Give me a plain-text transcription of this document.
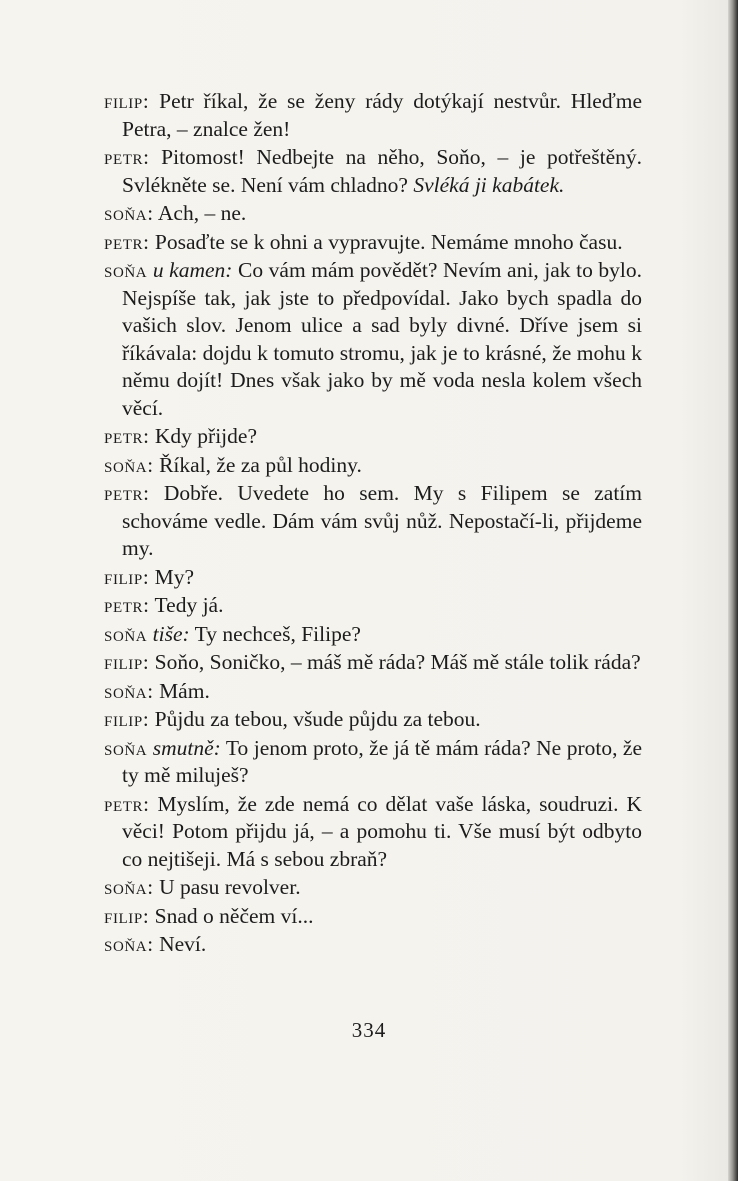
filip: Petr říkal, že se ženy rády dotýkají nestvůr. Hleďme Petra, – znalce žen!

petr: Pitomost! Nedbejte na něho, Soňo, – je potřeštěný. Svlékněte se. Není vám chladno? Svléká ji kabátek.

soňa: Ach, – ne.

petr: Posaďte se k ohni a vypravujte. Nemáme mnoho času.

soňa u kamen: Co vám mám povědět? Nevím ani, jak to bylo. Nejspíše tak, jak jste to předpovídal. Jako bych spadla do vašich slov. Jenom ulice a sad byly divné. Dříve jsem si říkávala: dojdu k tomuto stromu, jak je to krásné, že mohu k němu dojít! Dnes však jako by mě voda nesla kolem všech věcí.

petr: Kdy přijde?

soňa: Říkal, že za půl hodiny.

petr: Dobře. Uvedete ho sem. My s Filipem se zatím schováme vedle. Dám vám svůj nůž. Nepostačí-li, přijdeme my.

filip: My?

petr: Tedy já.

soňa tiše: Ty nechceš, Filipe?

filip: Soňo, Soničko, – máš mě ráda? Máš mě stále tolik ráda?

soňa: Mám.

filip: Půjdu za tebou, všude půjdu za tebou.

soňa smutně: To jenom proto, že já tě mám ráda? Ne proto, že ty mě miluješ?

petr: Myslím, že zde nemá co dělat vaše láska, soudruzi. K věci! Potom přijdu já, – a pomohu ti. Vše musí být odbyto co nejtišeji. Má s sebou zbraň?

soňa: U pasu revolver.

filip: Snad o něčem ví...

soňa: Neví.

334
